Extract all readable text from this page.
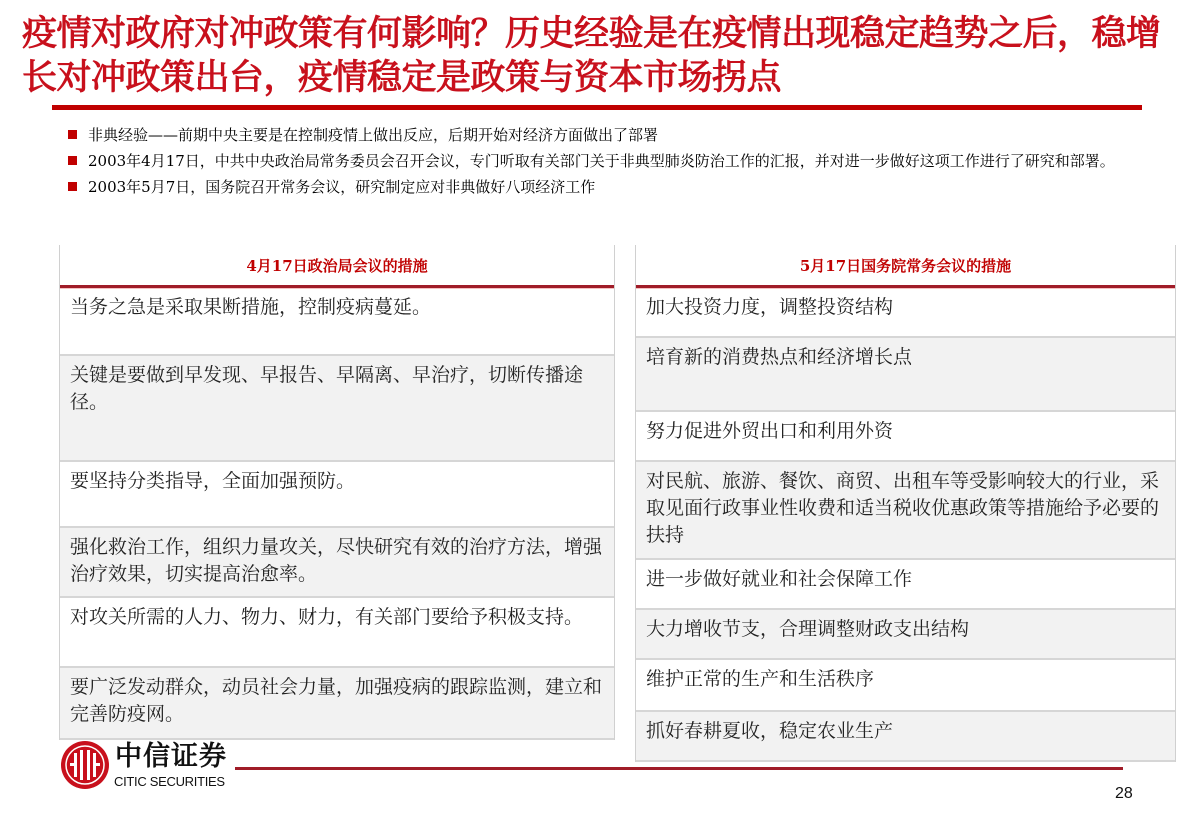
疫情对政府对冲政策有何影响？历史经验是在疫情出现稳定趋势之后，稳增长对冲政策出台，疫情稳定是政策与资本市场拐点
非典经验——前期中央主要是在控制疫情上做出反应，后期开始对经济方面做出了部署
2003年4月17日，中共中央政治局常务委员会召开会议，专门听取有关部门关于非典型肺炎防治工作的汇报，并对进一步做好这项工作进行了研究和部署。
2003年5月7日，国务院召开常务会议，研究制定应对非典做好八项经济工作
4月17日政治局会议的措施
当务之急是采取果断措施，控制疫病蔓延。
关键是要做到早发现、早报告、早隔离、早治疗，切断传播途径。
要坚持分类指导，全面加强预防。
强化救治工作，组织力量攻关，尽快研究有效的治疗方法，增强治疗效果，切实提高治愈率。
对攻关所需的人力、物力、财力，有关部门要给予积极支持。
要广泛发动群众，动员社会力量，加强疫病的跟踪监测，建立和完善防疫网。
5月17日国务院常务会议的措施
加大投资力度，调整投资结构
培育新的消费热点和经济增长点
努力促进外贸出口和利用外资
对民航、旅游、餐饮、商贸、出租车等受影响较大的行业，采取见面行政事业性收费和适当税收优惠政策等措施给予必要的扶持
进一步做好就业和社会保障工作
大力增收节支，合理调整财政支出结构
维护正常的生产和生活秩序
抓好春耕夏收，稳定农业生产
中信证券
CITIC SECURITIES
28
